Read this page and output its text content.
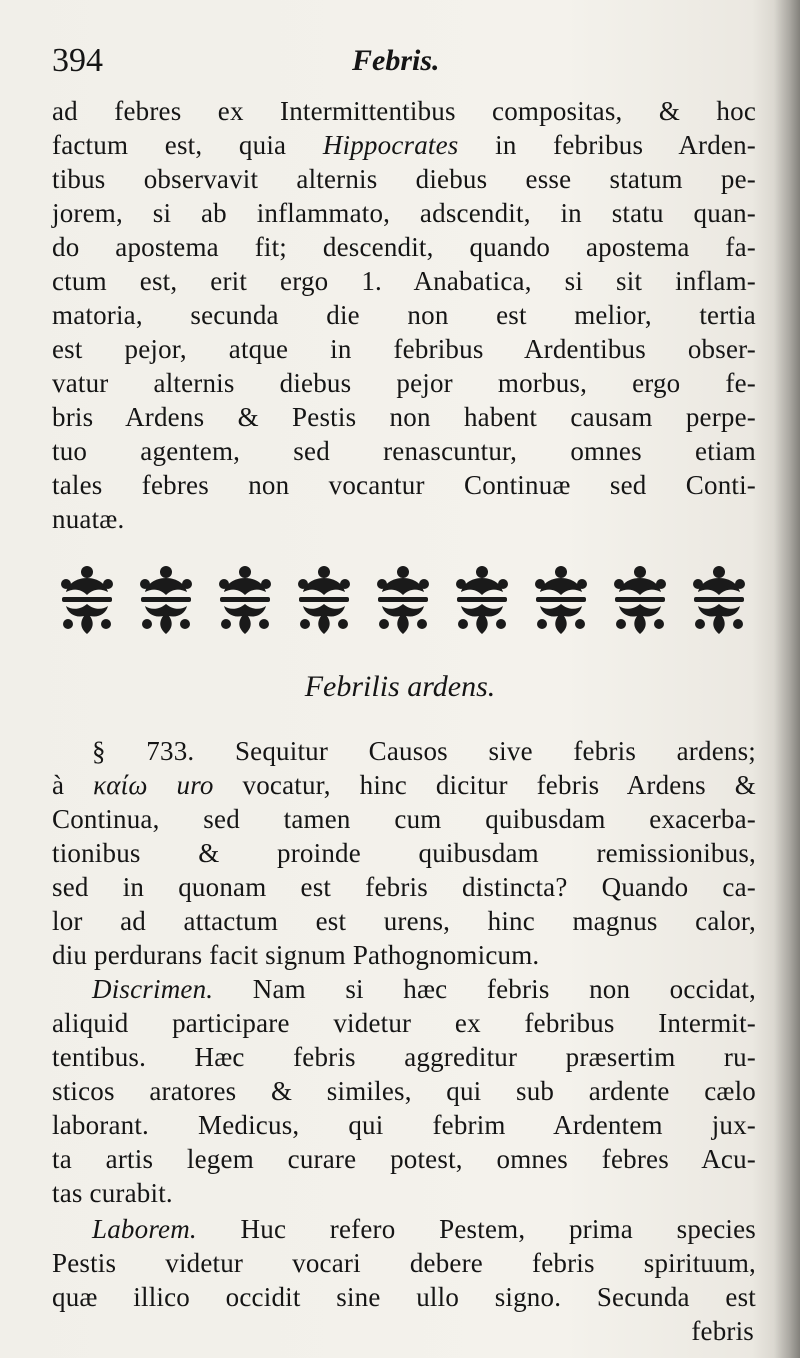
394	Febris.
ad febres ex Intermittentibus compositas, & hoc
factum est, quia Hippocrates in febribus Arden-
tibus observavit alternis diebus esse statum pe-
jorem, si ab inflammato, adscendit, in statu quan-
do apostema fit; descendit, quando apostema fa-
ctum est, erit ergo 1. Anabatica, si sit inflam-
matoria, secunda die non est melior, tertia
est pejor, atque in febribus Ardentibus obser-
vatur alternis diebus pejor morbus, ergo fe-
bris Ardens & Pestis non habent causam perpe-
tuo agentem, sed renascuntur, omnes etiam
tales febres non vocantur Continuæ sed Conti-
nuatæ.
Febrilis ardens.
§ 733. Sequitur Causos sive febris ardens;
à καίω uro vocatur, hinc dicitur febris Ardens &
Continua, sed tamen cum quibusdam exacerba-
tionibus & proinde quibusdam remissionibus,
sed in quonam est febris distincta? Quando ca-
lor ad attactum est urens, hinc magnus calor,
diu perdurans facit signum Pathognomicum.
Discrimen. Nam si hæc febris non occidat,
aliquid participare videtur ex febribus Intermit-
tentibus. Hæc febris aggreditur præsertim ru-
sticos aratores & similes, qui sub ardente cælo
laborant. Medicus, qui febrim Ardentem jux-
ta artis legem curare potest, omnes febres Acu-
tas curabit.
Laborem. Huc refero Pestem, prima species
Pestis videtur vocari debere febris spirituum,
quæ illico occidit sine ullo signo. Secunda est
febris
